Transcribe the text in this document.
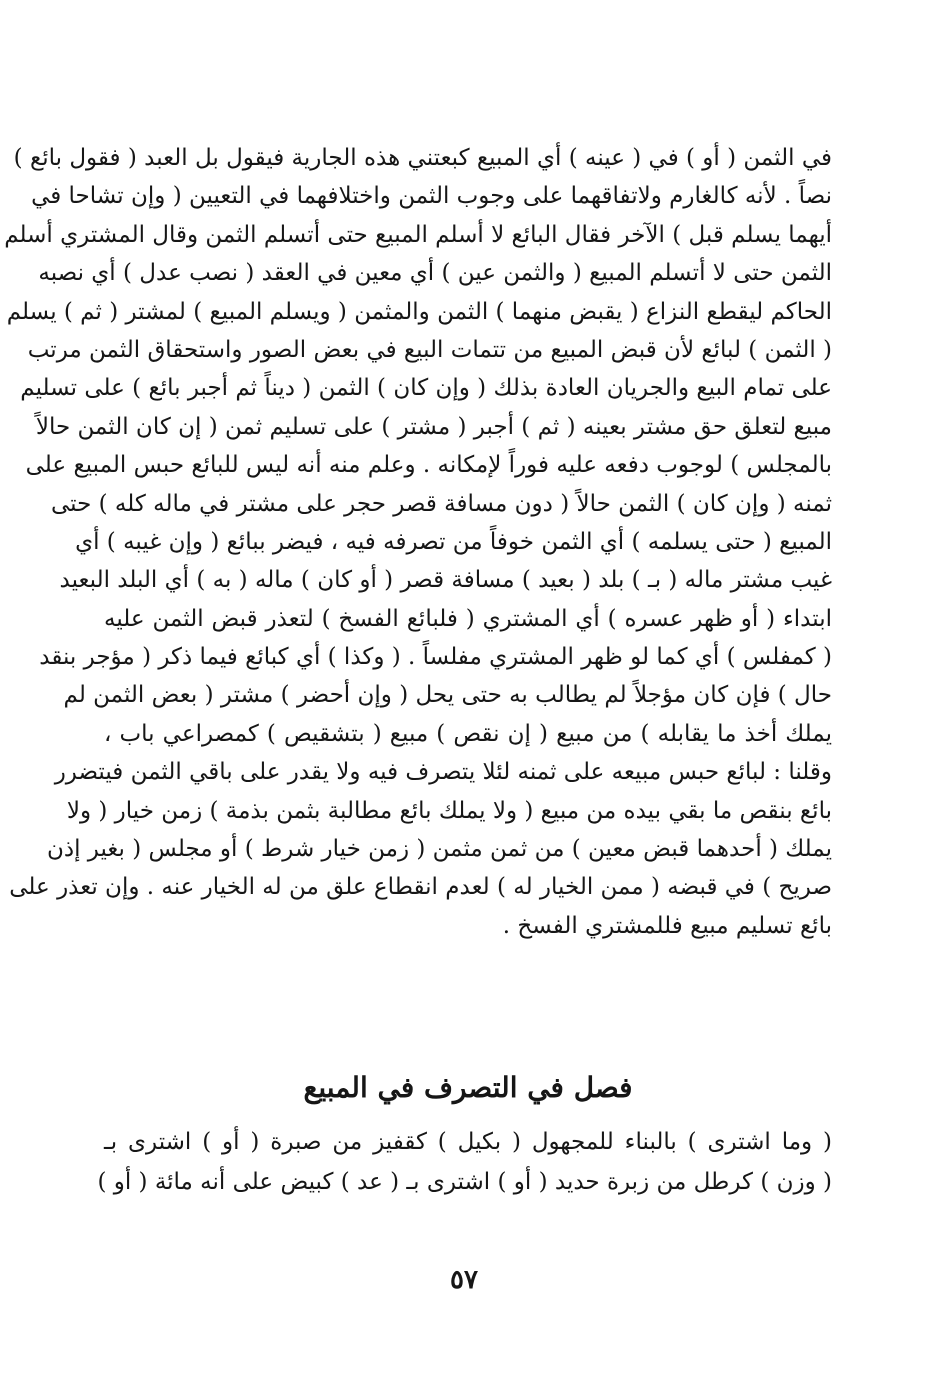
في الثمن ( أو ) في ( عينه ) أي المبيع كبعتني هذه الجارية فيقول بل العبد ( فقول بائع )
نصاً . لأنه كالغارم ولاتفاقهما على وجوب الثمن واختلافهما في التعيين ( وإن تشاحا في
أيهما يسلم قبل ) الآخر فقال البائع لا أسلم المبيع حتى أتسلم الثمن وقال المشتري أسلم
الثمن حتى لا أتسلم المبيع ( والثمن عين ) أي معين في العقد ( نصب عدل ) أي نصبه
الحاكم ليقطع النزاع ( يقبض منهما ) الثمن والمثمن ( ويسلم المبيع ) لمشتر ( ثم ) يسلم
( الثمن ) لبائع لأن قبض المبيع من تتمات البيع في بعض الصور واستحقاق الثمن مرتب
على تمام البيع والجريان العادة بذلك ( وإن كان ) الثمن ( ديناً ثم أجبر بائع ) على تسليم
مبيع لتعلق حق مشتر بعينه ( ثم ) أجبر ( مشتر ) على تسليم ثمن ( إن كان الثمن حالاً
بالمجلس ) لوجوب دفعه عليه فوراً لإمكانه . وعلم منه أنه ليس للبائع حبس المبيع على
ثمنه ( وإن كان ) الثمن حالاً ( دون مسافة قصر حجر على مشتر في ماله كله ) حتى
المبيع ( حتى يسلمه ) أي الثمن خوفاً من تصرفه فيه ، فيضر ببائع ( وإن غيبه ) أي
غيب مشتر ماله ( بـ ) بلد ( بعيد ) مسافة قصر ( أو كان ) ماله ( به ) أي البلد البعيد
ابتداء ( أو ظهر عسره ) أي المشتري ( فلبائع الفسخ ) لتعذر قبض الثمن عليه
( كمفلس ) أي كما لو ظهر المشتري مفلساً . ( وكذا ) أي كبائع فيما ذكر ( مؤجر بنقد
حال ) فإن كان مؤجلاً لم يطالب به حتى يحل ( وإن أحضر ) مشتر ( بعض الثمن لم
يملك أخذ ما يقابله ) من مبيع ( إن نقص ) مبيع ( بتشقيص ) كمصراعي باب ،
وقلنا : لبائع حبس مبيعه على ثمنه لئلا يتصرف فيه ولا يقدر على باقي الثمن فيتضرر
بائع بنقص ما بقي بيده من مبيع ( ولا يملك بائع مطالبة بثمن بذمة ) زمن خيار ( ولا
يملك ( أحدهما قبض معين ) من ثمن مثمن ( زمن خيار شرط ) أو مجلس ( بغير إذن
صريح ) في قبضه ( ممن الخيار له ) لعدم انقطاع علق من له الخيار عنه . وإن تعذر على
بائع تسليم مبيع فللمشتري الفسخ .
فصل في التصرف في المبيع
( وما اشترى ) بالبناء للمجهول ( بكيل ) كقفيز من صبرة ( أو ) اشترى بـ
( وزن ) كرطل من زبرة حديد ( أو ) اشترى بـ ( عد ) كبيض على أنه مائة ( أو )
٥٧
